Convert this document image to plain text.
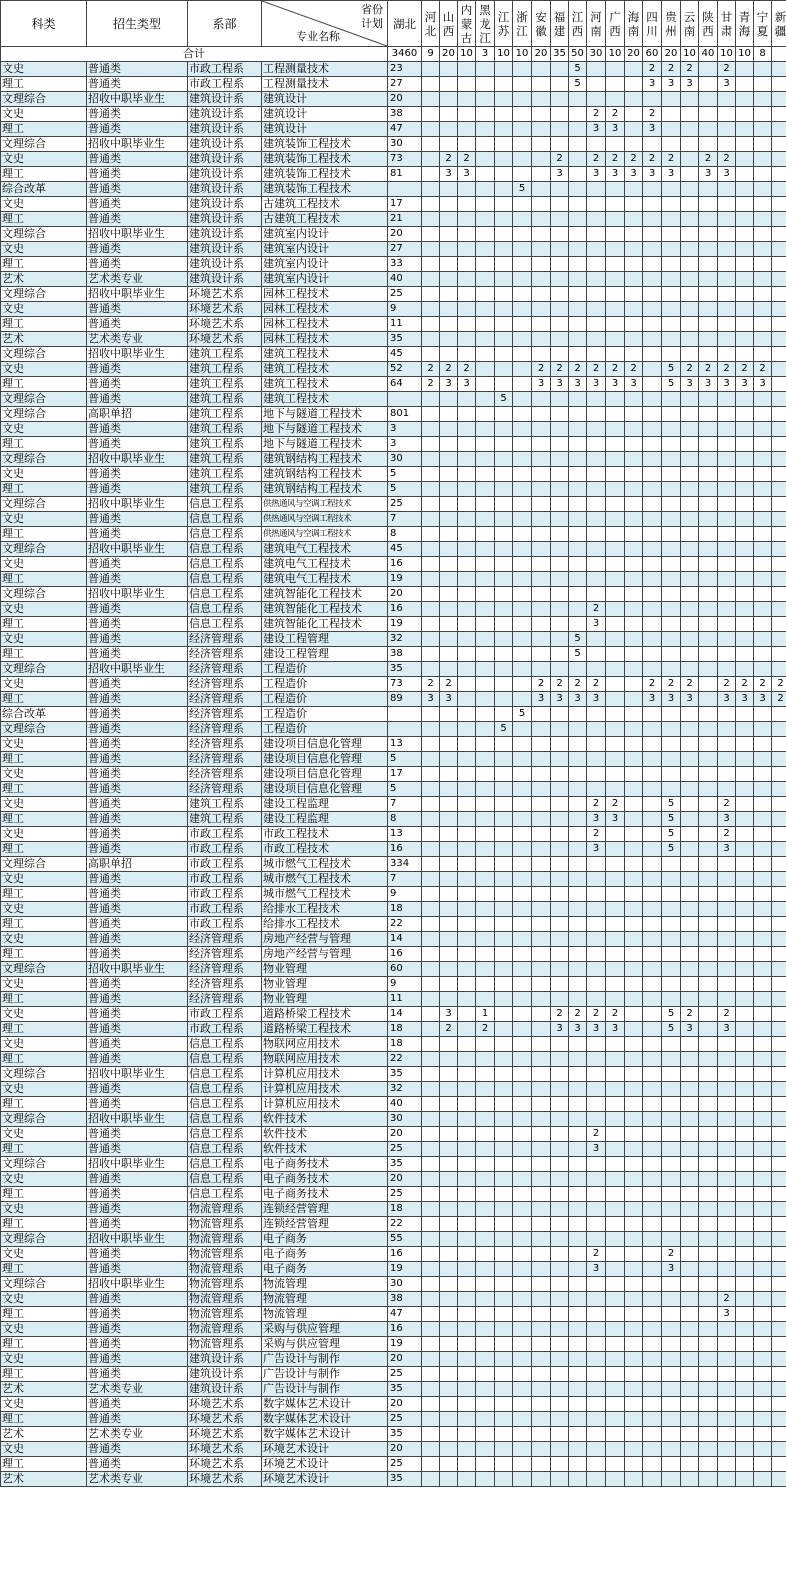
科类	招生类型	系部	省份
计划
专业名称	湖北	河北	山西	内蒙古	黑龙江	江苏	浙江	安徽	福建	江西	河南	广西	海南	四川	贵州	云南	陕西	甘肃	青海	宁夏	新疆
合计				3460	9	20	10	3	10	10	20	35	50	30	10	20	60	20	10	40	10	10	8	
文史	普通类	市政工程系	工程测量技术	23									5				2	2	2		2			
理工	普通类	市政工程系	工程测量技术	27									5				3	3	3		3			
文理综合	招收中职毕业生	建筑设计系	建筑设计	20																				
文史	普通类	建筑设计系	建筑设计	38										2	2		2							
理工	普通类	建筑设计系	建筑设计	47										3	3		3							
文理综合	招收中职毕业生	建筑设计系	建筑装饰工程技术	30																				
文史	普通类	建筑设计系	建筑装饰工程技术	73		2	2					2		2	2	2	2	2		2	2			
理工	普通类	建筑设计系	建筑装饰工程技术	81		3	3					3		3	3	3	3	3		3	3			
综合改革	普通类	建筑设计系	建筑装饰工程技术							5														
文史	普通类	建筑设计系	古建筑工程技术	17																				
理工	普通类	建筑设计系	古建筑工程技术	21																				
文理综合	招收中职毕业生	建筑设计系	建筑室内设计	20																				
文史	普通类	建筑设计系	建筑室内设计	27																				
理工	普通类	建筑设计系	建筑室内设计	33																				
艺术	艺术类专业	建筑设计系	建筑室内设计	40																				
文理综合	招收中职毕业生	环境艺术系	园林工程技术	25																				
文史	普通类	环境艺术系	园林工程技术	9																				
理工	普通类	环境艺术系	园林工程技术	11																				
艺术	艺术类专业	环境艺术系	园林工程技术	35																				
文理综合	招收中职毕业生	建筑工程系	建筑工程技术	45																				
文史	普通类	建筑工程系	建筑工程技术	52	2	2	2				2	2	2	2	2	2		5	2	2	2	2	2	
理工	普通类	建筑工程系	建筑工程技术	64	2	3	3				3	3	3	3	3	3		5	3	3	3	3	3	
文理综合	普通类	建筑工程系	建筑工程技术						5															
文理综合	高职单招	建筑工程系	地下与隧道工程技术	801																				
文史	普通类	建筑工程系	地下与隧道工程技术	3																				
理工	普通类	建筑工程系	地下与隧道工程技术	3																				
文理综合	招收中职毕业生	建筑工程系	建筑钢结构工程技术	30																				
文史	普通类	建筑工程系	建筑钢结构工程技术	5																				
理工	普通类	建筑工程系	建筑钢结构工程技术	5																				
文理综合	招收中职毕业生	信息工程系	供热通风与空调工程技术	25																				
文史	普通类	信息工程系	供热通风与空调工程技术	7																				
理工	普通类	信息工程系	供热通风与空调工程技术	8																				
文理综合	招收中职毕业生	信息工程系	建筑电气工程技术	45																				
文史	普通类	信息工程系	建筑电气工程技术	16																				
理工	普通类	信息工程系	建筑电气工程技术	19																				
文理综合	招收中职毕业生	信息工程系	建筑智能化工程技术	20																				
文史	普通类	信息工程系	建筑智能化工程技术	16										2										
理工	普通类	信息工程系	建筑智能化工程技术	19										3										
文史	普通类	经济管理系	建设工程管理	32									5											
理工	普通类	经济管理系	建设工程管理	38									5											
文理综合	招收中职毕业生	经济管理系	工程造价	35																				
文史	普通类	经济管理系	工程造价	73	2	2					2	2	2	2			2	2	2		2	2	2	2
理工	普通类	经济管理系	工程造价	89	3	3					3	3	3	3			3	3	3		3	3	3	2
综合改革	普通类	经济管理系	工程造价							5														
文理综合	普通类	经济管理系	工程造价						5															
文史	普通类	经济管理系	建设项目信息化管理	13																				
理工	普通类	经济管理系	建设项目信息化管理	5																				
文史	普通类	经济管理系	建设项目信息化管理	17																				
理工	普通类	经济管理系	建设项目信息化管理	5																				
文史	普通类	建筑工程系	建设工程监理	7										2	2			5			2			
理工	普通类	建筑工程系	建设工程监理	8										3	3			5			3			
文史	普通类	市政工程系	市政工程技术	13										2				5			2			
理工	普通类	市政工程系	市政工程技术	16										3				5			3			
文理综合	高职单招	市政工程系	城市燃气工程技术	334																				
文史	普通类	市政工程系	城市燃气工程技术	7																				
理工	普通类	市政工程系	城市燃气工程技术	9																				
文史	普通类	市政工程系	给排水工程技术	18																				
理工	普通类	市政工程系	给排水工程技术	22																				
文史	普通类	经济管理系	房地产经营与管理	14																				
理工	普通类	经济管理系	房地产经营与管理	16																				
文理综合	招收中职毕业生	经济管理系	物业管理	60																				
文史	普通类	经济管理系	物业管理	9																				
理工	普通类	经济管理系	物业管理	11																				
文史	普通类	市政工程系	道路桥梁工程技术	14		3		1				2	2	2	2			5	2		2			
理工	普通类	市政工程系	道路桥梁工程技术	18		2		2				3	3	3	3			5	3		3			
文史	普通类	信息工程系	物联网应用技术	18																				
理工	普通类	信息工程系	物联网应用技术	22																				
文理综合	招收中职毕业生	信息工程系	计算机应用技术	35																				
文史	普通类	信息工程系	计算机应用技术	32																				
理工	普通类	信息工程系	计算机应用技术	40																				
文理综合	招收中职毕业生	信息工程系	软件技术	30																				
文史	普通类	信息工程系	软件技术	20										2										
理工	普通类	信息工程系	软件技术	25										3										
文理综合	招收中职毕业生	信息工程系	电子商务技术	35																				
文史	普通类	信息工程系	电子商务技术	20																				
理工	普通类	信息工程系	电子商务技术	25																				
文史	普通类	物流管理系	连锁经营管理	18																				
理工	普通类	物流管理系	连锁经营管理	22																				
文理综合	招收中职毕业生	物流管理系	电子商务	55																				
文史	普通类	物流管理系	电子商务	16										2				2						
理工	普通类	物流管理系	电子商务	19										3				3						
文理综合	招收中职毕业生	物流管理系	物流管理	30																				
文史	普通类	物流管理系	物流管理	38																	2			
理工	普通类	物流管理系	物流管理	47																	3			
文史	普通类	物流管理系	采购与供应管理	16																				
理工	普通类	物流管理系	采购与供应管理	19																				
文史	普通类	建筑设计系	广告设计与制作	20																				
理工	普通类	建筑设计系	广告设计与制作	25																				
艺术	艺术类专业	建筑设计系	广告设计与制作	35																				
文史	普通类	环境艺术系	数字媒体艺术设计	20																				
理工	普通类	环境艺术系	数字媒体艺术设计	25																				
艺术	艺术类专业	环境艺术系	数字媒体艺术设计	35																				
文史	普通类	环境艺术系	环境艺术设计	20																				
理工	普通类	环境艺术系	环境艺术设计	25																				
艺术	艺术类专业	环境艺术系	环境艺术设计	35																				
